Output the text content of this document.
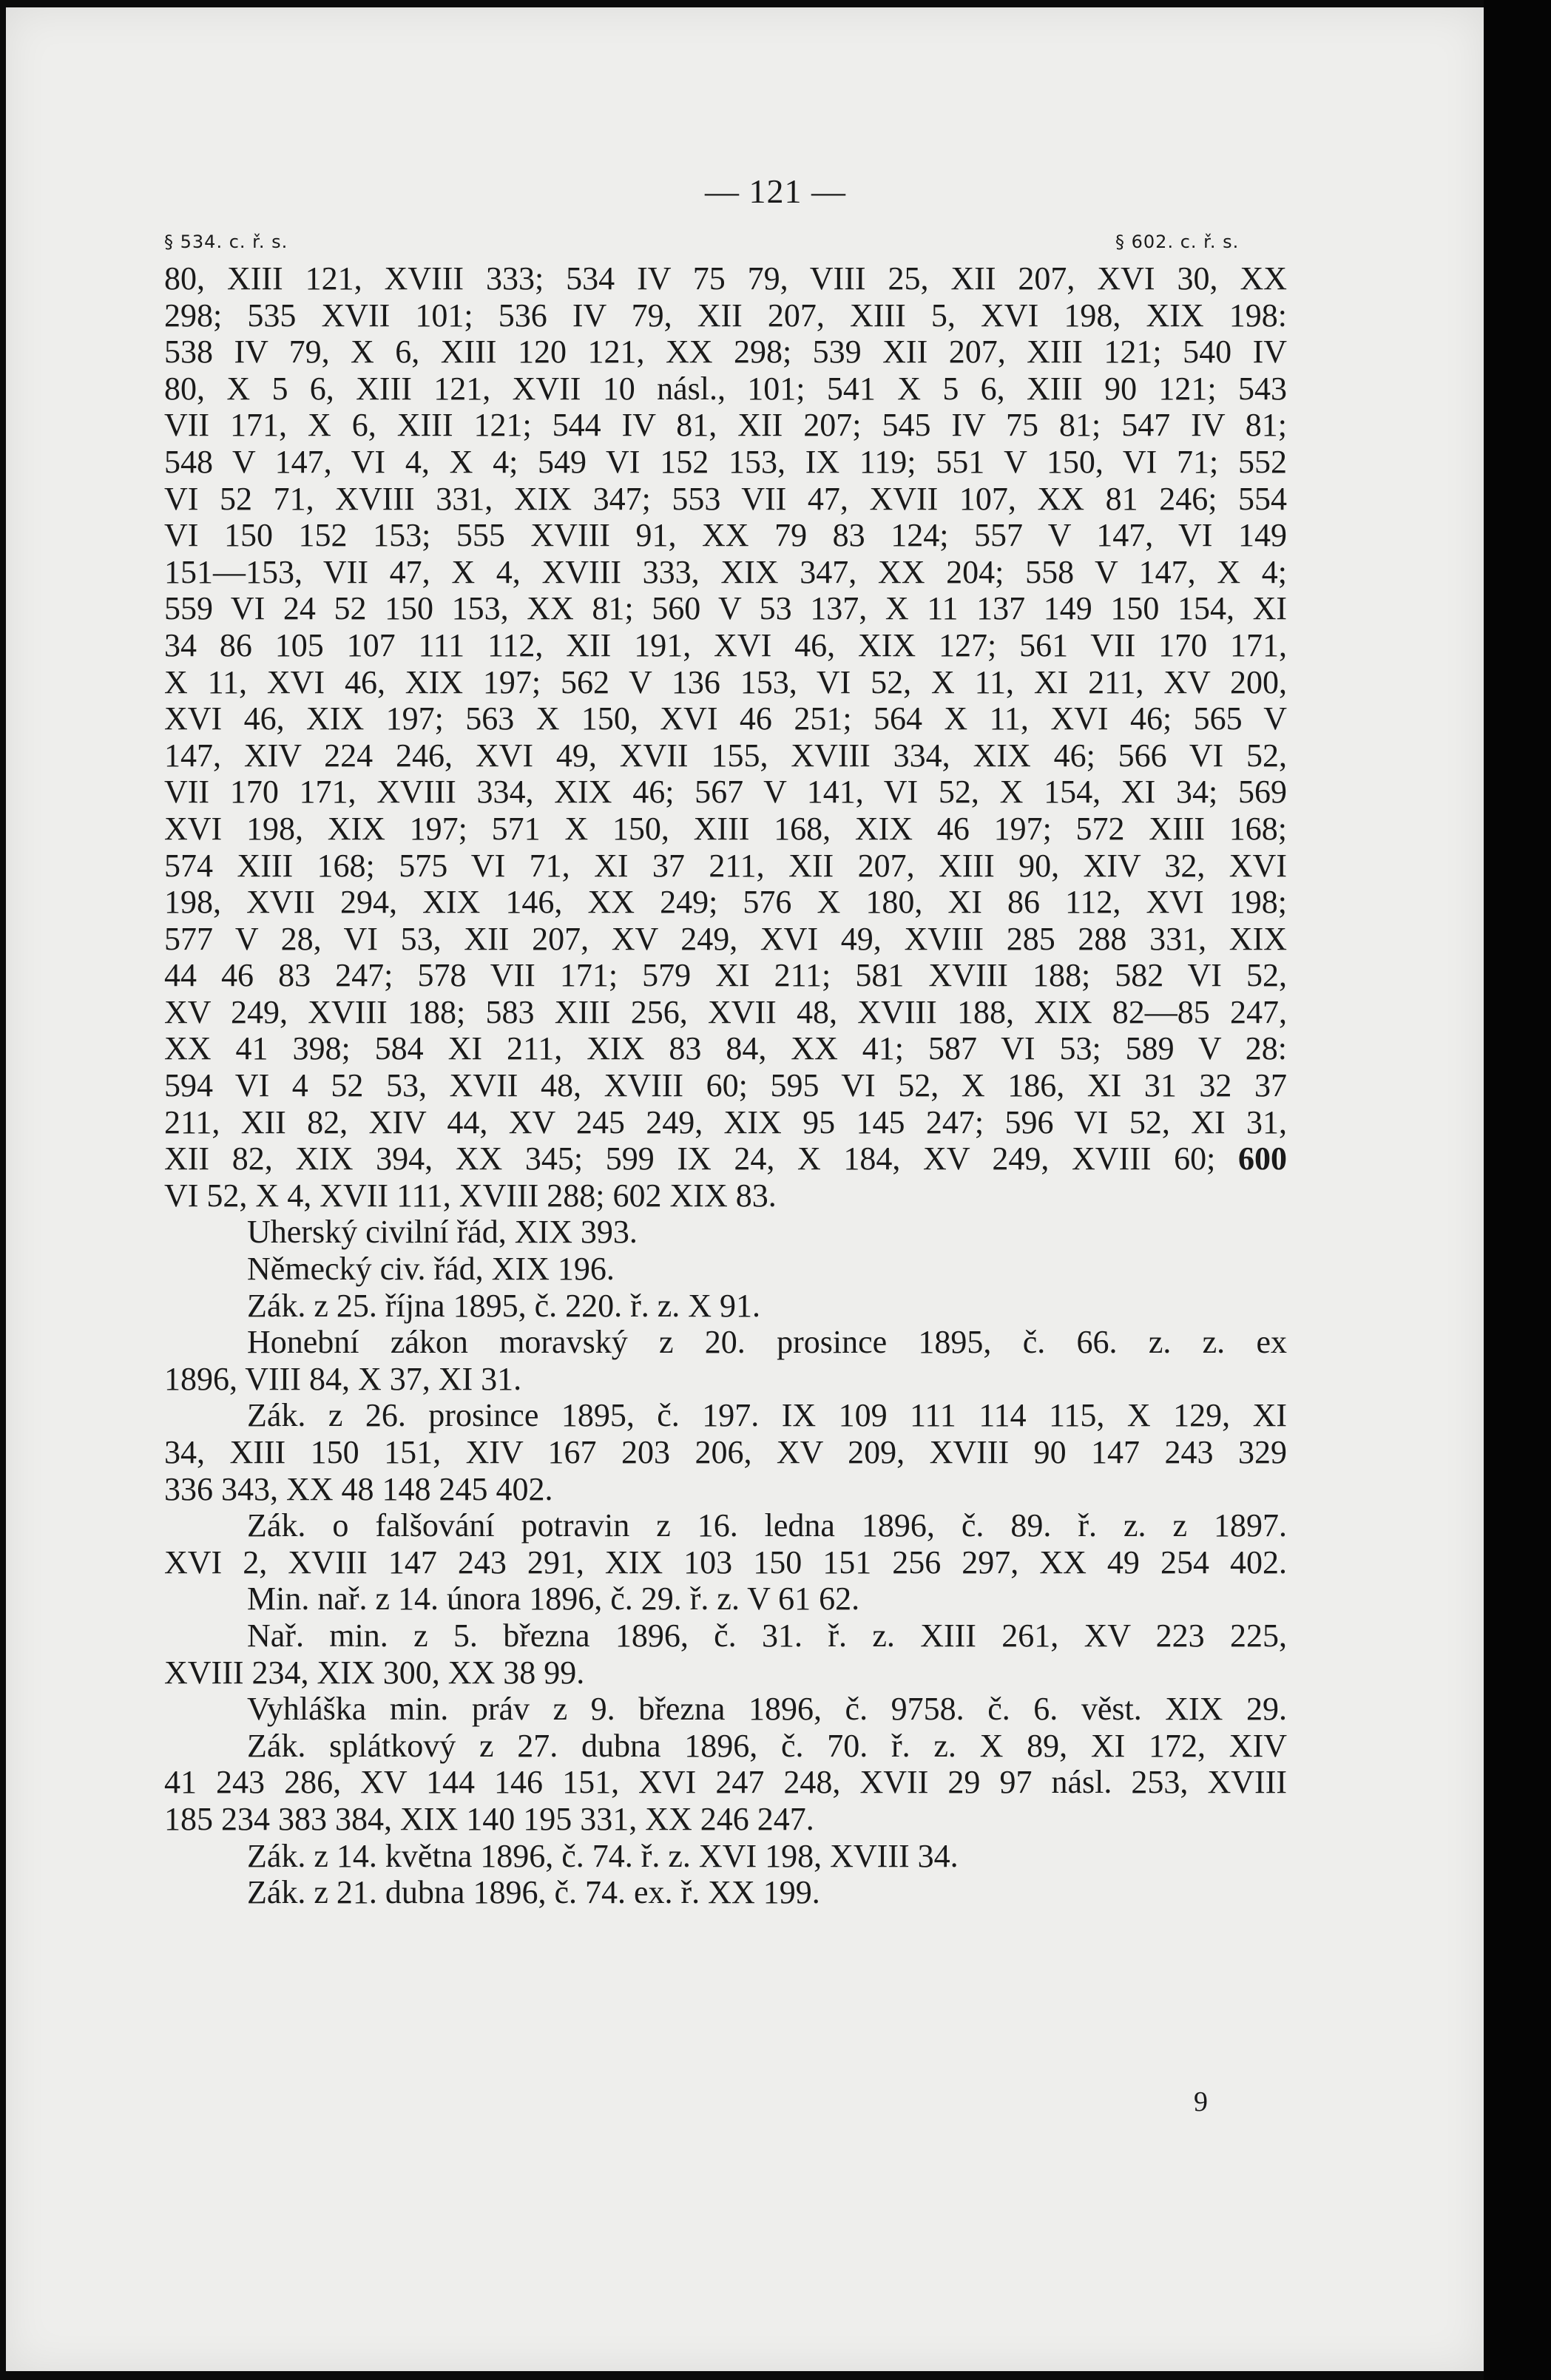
— 121 —
§ 534. c. ř. s.	§ 602. c. ř. s.
80, XIII 121, XVIII 333; 534 IV 75 79, VIII 25, XII 207, XVI 30, XX
298; 535 XVII 101; 536 IV 79, XII 207, XIII 5, XVI 198, XIX 198:
538 IV 79, X 6, XIII 120 121, XX 298; 539 XII 207, XIII 121; 540 IV
80, X 5 6, XIII 121, XVII 10 násl., 101; 541 X 5 6, XIII 90 121; 543
VII 171, X 6, XIII 121; 544 IV 81, XII 207; 545 IV 75 81; 547 IV 81;
548 V 147, VI 4, X 4; 549 VI 152 153, IX 119; 551 V 150, VI 71; 552
VI 52 71, XVIII 331, XIX 347; 553 VII 47, XVII 107, XX 81 246; 554
VI 150 152 153; 555 XVIII 91, XX 79 83 124; 557 V 147, VI 149
151—153, VII 47, X 4, XVIII 333, XIX 347, XX 204; 558 V 147, X 4;
559 VI 24 52 150 153, XX 81; 560 V 53 137, X 11 137 149 150 154, XI
34 86 105 107 111 112, XII 191, XVI 46, XIX 127; 561 VII 170 171,
X 11, XVI 46, XIX 197; 562 V 136 153, VI 52, X 11, XI 211, XV 200,
XVI 46, XIX 197; 563 X 150, XVI 46 251; 564 X 11, XVI 46; 565 V
147, XIV 224 246, XVI 49, XVII 155, XVIII 334, XIX 46; 566 VI 52,
VII 170 171, XVIII 334, XIX 46; 567 V 141, VI 52, X 154, XI 34; 569
XVI 198, XIX 197; 571 X 150, XIII 168, XIX 46 197; 572 XIII 168;
574 XIII 168; 575 VI 71, XI 37 211, XII 207, XIII 90, XIV 32, XVI
198, XVII 294, XIX 146, XX 249; 576 X 180, XI 86 112, XVI 198;
577 V 28, VI 53, XII 207, XV 249, XVI 49, XVIII 285 288 331, XIX
44 46 83 247; 578 VII 171; 579 XI 211; 581 XVIII 188; 582 VI 52,
XV 249, XVIII 188; 583 XIII 256, XVII 48, XVIII 188, XIX 82—85 247,
XX 41 398; 584 XI 211, XIX 83 84, XX 41; 587 VI 53; 589 V 28:
594 VI 4 52 53, XVII 48, XVIII 60; 595 VI 52, X 186, XI 31 32 37
211, XII 82, XIV 44, XV 245 249, XIX 95 145 247; 596 VI 52, XI 31,
XII 82, XIX 394, XX 345; 599 IX 24, X 184, XV 249, XVIII 60; 600
VI 52, X 4, XVII 111, XVIII 288; 602 XIX 83.
Uherský civilní řád, XIX 393.
Německý civ. řád, XIX 196.
Zák. z 25. října 1895, č. 220. ř. z. X 91.
Honební zákon moravský z 20. prosince 1895, č. 66. z. z. ex
1896, VIII 84, X 37, XI 31.
Zák. z 26. prosince 1895, č. 197. IX 109 111 114 115, X 129, XI
34, XIII 150 151, XIV 167 203 206, XV 209, XVIII 90 147 243 329
336 343, XX 48 148 245 402.
Zák. o falšování potravin z 16. ledna 1896, č. 89. ř. z. z 1897.
XVI 2, XVIII 147 243 291, XIX 103 150 151 256 297, XX 49 254 402.
Min. nař. z 14. února 1896, č. 29. ř. z. V 61 62.
Nař. min. z 5. března 1896, č. 31. ř. z. XIII 261, XV 223 225,
XVIII 234, XIX 300, XX 38 99.
Vyhláška min. práv z 9. března 1896, č. 9758. č. 6. věst. XIX 29.
Zák. splátkový z 27. dubna 1896, č. 70. ř. z. X 89, XI 172, XIV
41 243 286, XV 144 146 151, XVI 247 248, XVII 29 97 násl. 253, XVIII
185 234 383 384, XIX 140 195 331, XX 246 247.
Zák. z 14. května 1896, č. 74. ř. z. XVI 198, XVIII 34.
Zák. z 21. dubna 1896, č. 74. ex. ř. XX 199.
9
